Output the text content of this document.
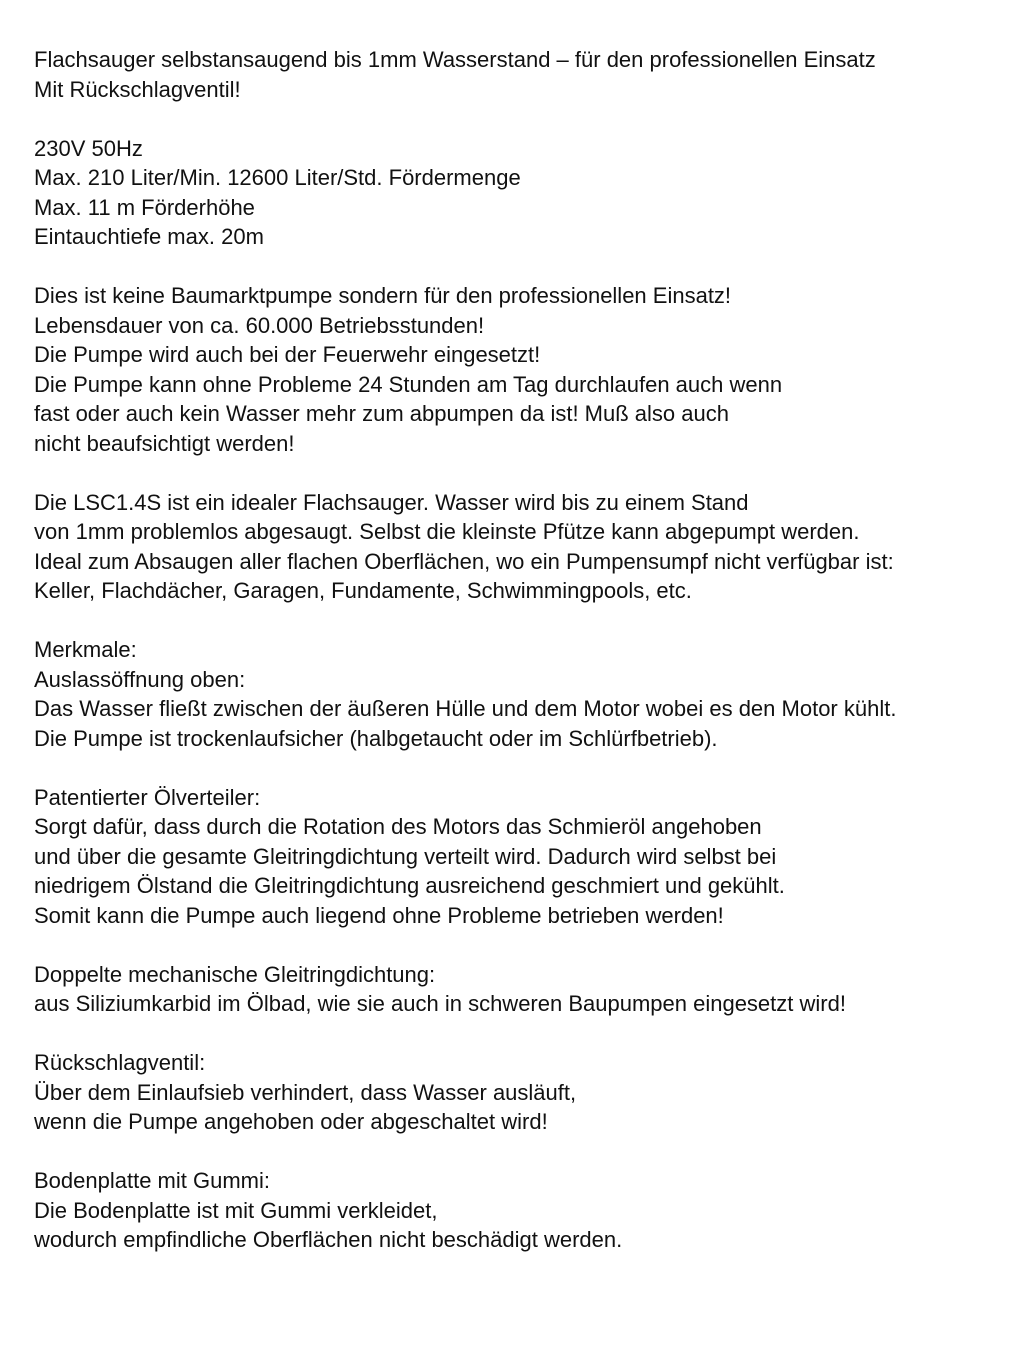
Flachsauger selbstansaugend bis 1mm Wasserstand – für den professionellen Einsatz
Mit Rückschlagventil!

230V 50Hz
Max. 210 Liter/Min. 12600 Liter/Std. Fördermenge
Max. 11 m Förderhöhe
Eintauchtiefe max. 20m

Dies ist keine Baumarktpumpe sondern für den professionellen Einsatz!
Lebensdauer von ca. 60.000 Betriebsstunden!
Die Pumpe wird auch bei der Feuerwehr eingesetzt!
Die Pumpe kann ohne Probleme 24 Stunden am Tag durchlaufen auch wenn
fast oder auch kein Wasser mehr zum abpumpen da ist! Muß also auch
nicht beaufsichtigt werden!

Die LSC1.4S ist ein idealer Flachsauger. Wasser wird bis zu einem Stand
von 1mm problemlos abgesaugt. Selbst die kleinste Pfütze kann abgepumpt werden.
Ideal zum Absaugen aller flachen Oberflächen, wo ein Pumpensumpf nicht verfügbar ist:
Keller, Flachdächer, Garagen, Fundamente, Schwimmingpools, etc.

Merkmale:
Auslassöffnung oben:
Das Wasser fließt zwischen der äußeren Hülle und dem Motor wobei es den Motor kühlt.
Die Pumpe ist trockenlaufsicher (halbgetaucht oder im Schlürfbetrieb).

Patentierter Ölverteiler:
Sorgt dafür, dass durch die Rotation des Motors das Schmieröl angehoben
und über die gesamte Gleitringdichtung verteilt wird. Dadurch wird selbst bei
niedrigem Ölstand die Gleitringdichtung ausreichend geschmiert und gekühlt.
Somit kann die Pumpe auch liegend ohne Probleme betrieben werden!

Doppelte mechanische Gleitringdichtung:
aus Siliziumkarbid im Ölbad, wie sie auch in schweren Baupumpen eingesetzt wird!

Rückschlagventil:
Über dem Einlaufsieb verhindert, dass Wasser ausläuft,
wenn die Pumpe angehoben oder abgeschaltet wird!

Bodenplatte mit Gummi:
Die Bodenplatte ist mit Gummi verkleidet,
wodurch empfindliche Oberflächen nicht beschädigt werden.
